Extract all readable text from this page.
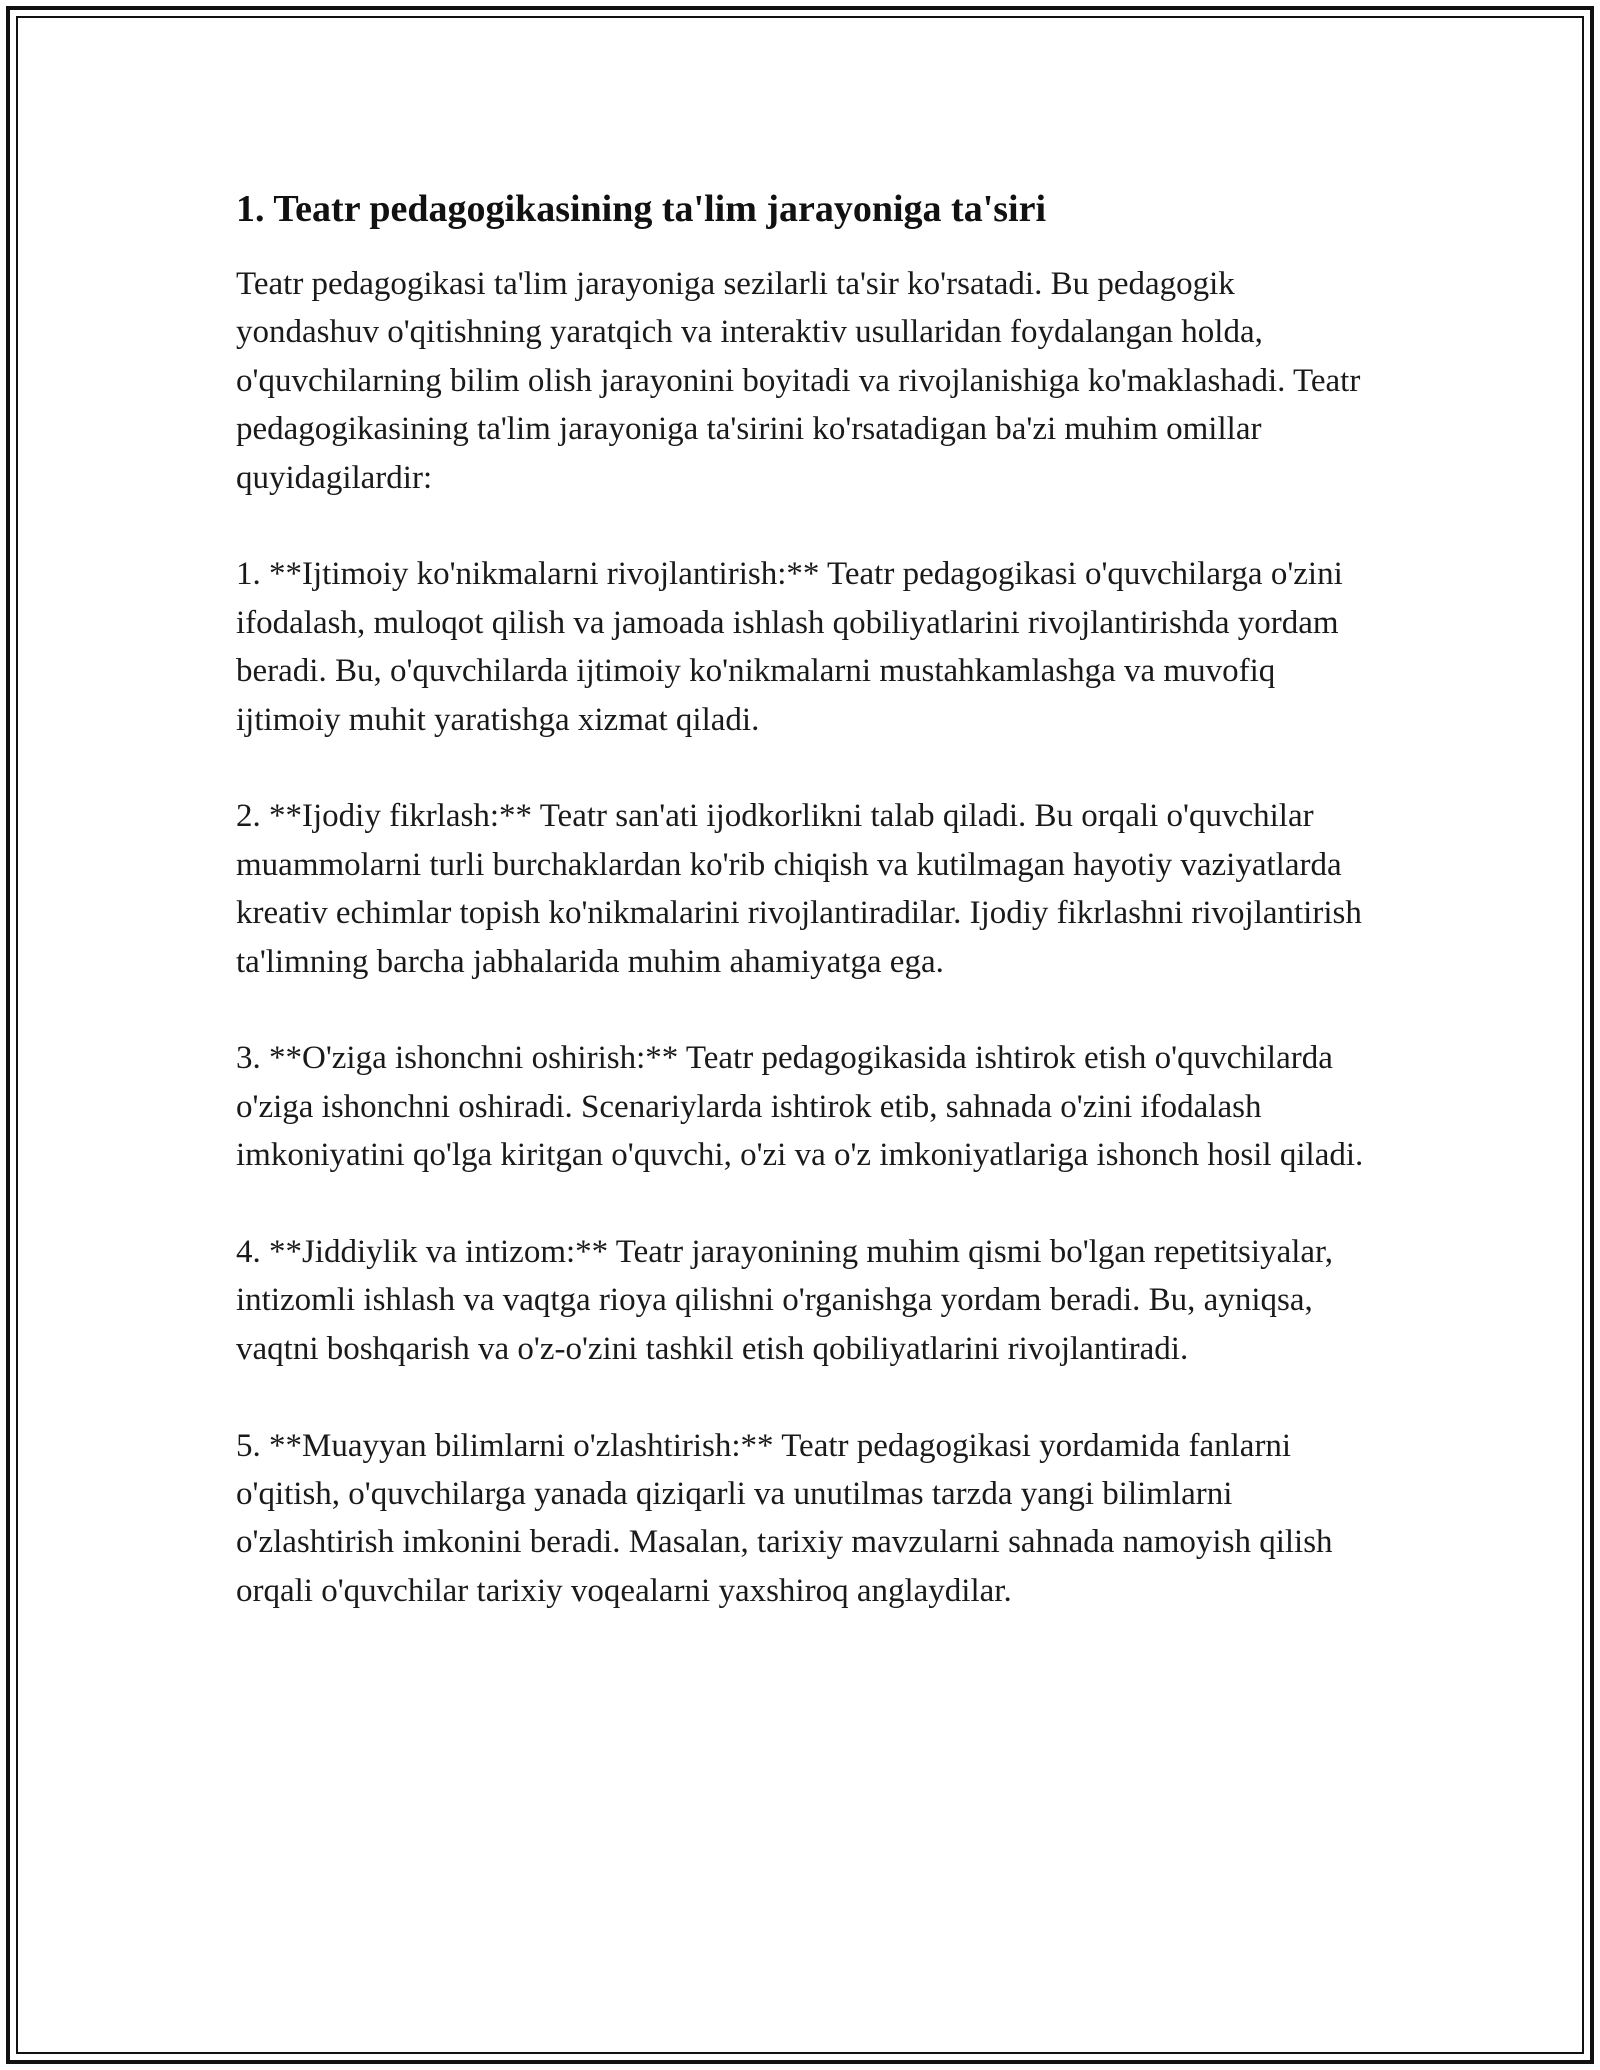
1. Teatr pedagogikasining ta'lim jarayoniga ta'siri

Teatr pedagogikasi ta'lim jarayoniga sezilarli ta'sir ko'rsatadi. Bu pedagogik yondashuv o'qitishning yaratqich va interaktiv usullaridan foydalangan holda, o'quvchilarning bilim olish jarayonini boyitadi va rivojlanishiga ko'maklashadi. Teatr pedagogikasining ta'lim jarayoniga ta'sirini ko'rsatadigan ba'zi muhim omillar quyidagilardir:

1. **Ijtimoiy ko'nikmalarni rivojlantirish:** Teatr pedagogikasi o'quvchilarga o'zini ifodalash, muloqot qilish va jamoada ishlash qobiliyatlarini rivojlantirishda yordam beradi. Bu, o'quvchilarda ijtimoiy ko'nikmalarni mustahkamlashga va muvofiq ijtimoiy muhit yaratishga xizmat qiladi.

2. **Ijodiy fikrlash:** Teatr san'ati ijodkorlikni talab qiladi. Bu orqali o'quvchilar muammolarni turli burchaklardan ko'rib chiqish va kutilmagan hayotiy vaziyatlarda kreativ echimlar topish ko'nikmalarini rivojlantiradilar. Ijodiy fikrlashni rivojlantirish ta'limning barcha jabhalarida muhim ahamiyatga ega.

3. **O'ziga ishonchni oshirish:** Teatr pedagogikasida ishtirok etish o'quvchilarda o'ziga ishonchni oshiradi. Scenariylarda ishtirok etib, sahnada o'zini ifodalash imkoniyatini qo'lga kiritgan o'quvchi, o'zi va o'z imkoniyatlariga ishonch hosil qiladi.

4. **Jiddiylik va intizom:** Teatr jarayonining muhim qismi bo'lgan repetitsiyalar, intizomli ishlash va vaqtga rioya qilishni o'rganishga yordam beradi. Bu, ayniqsa, vaqtni boshqarish va o'z-o'zini tashkil etish qobiliyatlarini rivojlantiradi.

5. **Muayyan bilimlarni o'zlashtirish:** Teatr pedagogikasi yordamida fanlarni o'qitish, o'quvchilarga yanada qiziqarli va unutilmas tarzda yangi bilimlarni o'zlashtirish imkonini beradi. Masalan, tarixiy mavzularni sahnada namoyish qilish orqali o'quvchilar tarixiy voqealarni yaxshiroq anglaydilar.
